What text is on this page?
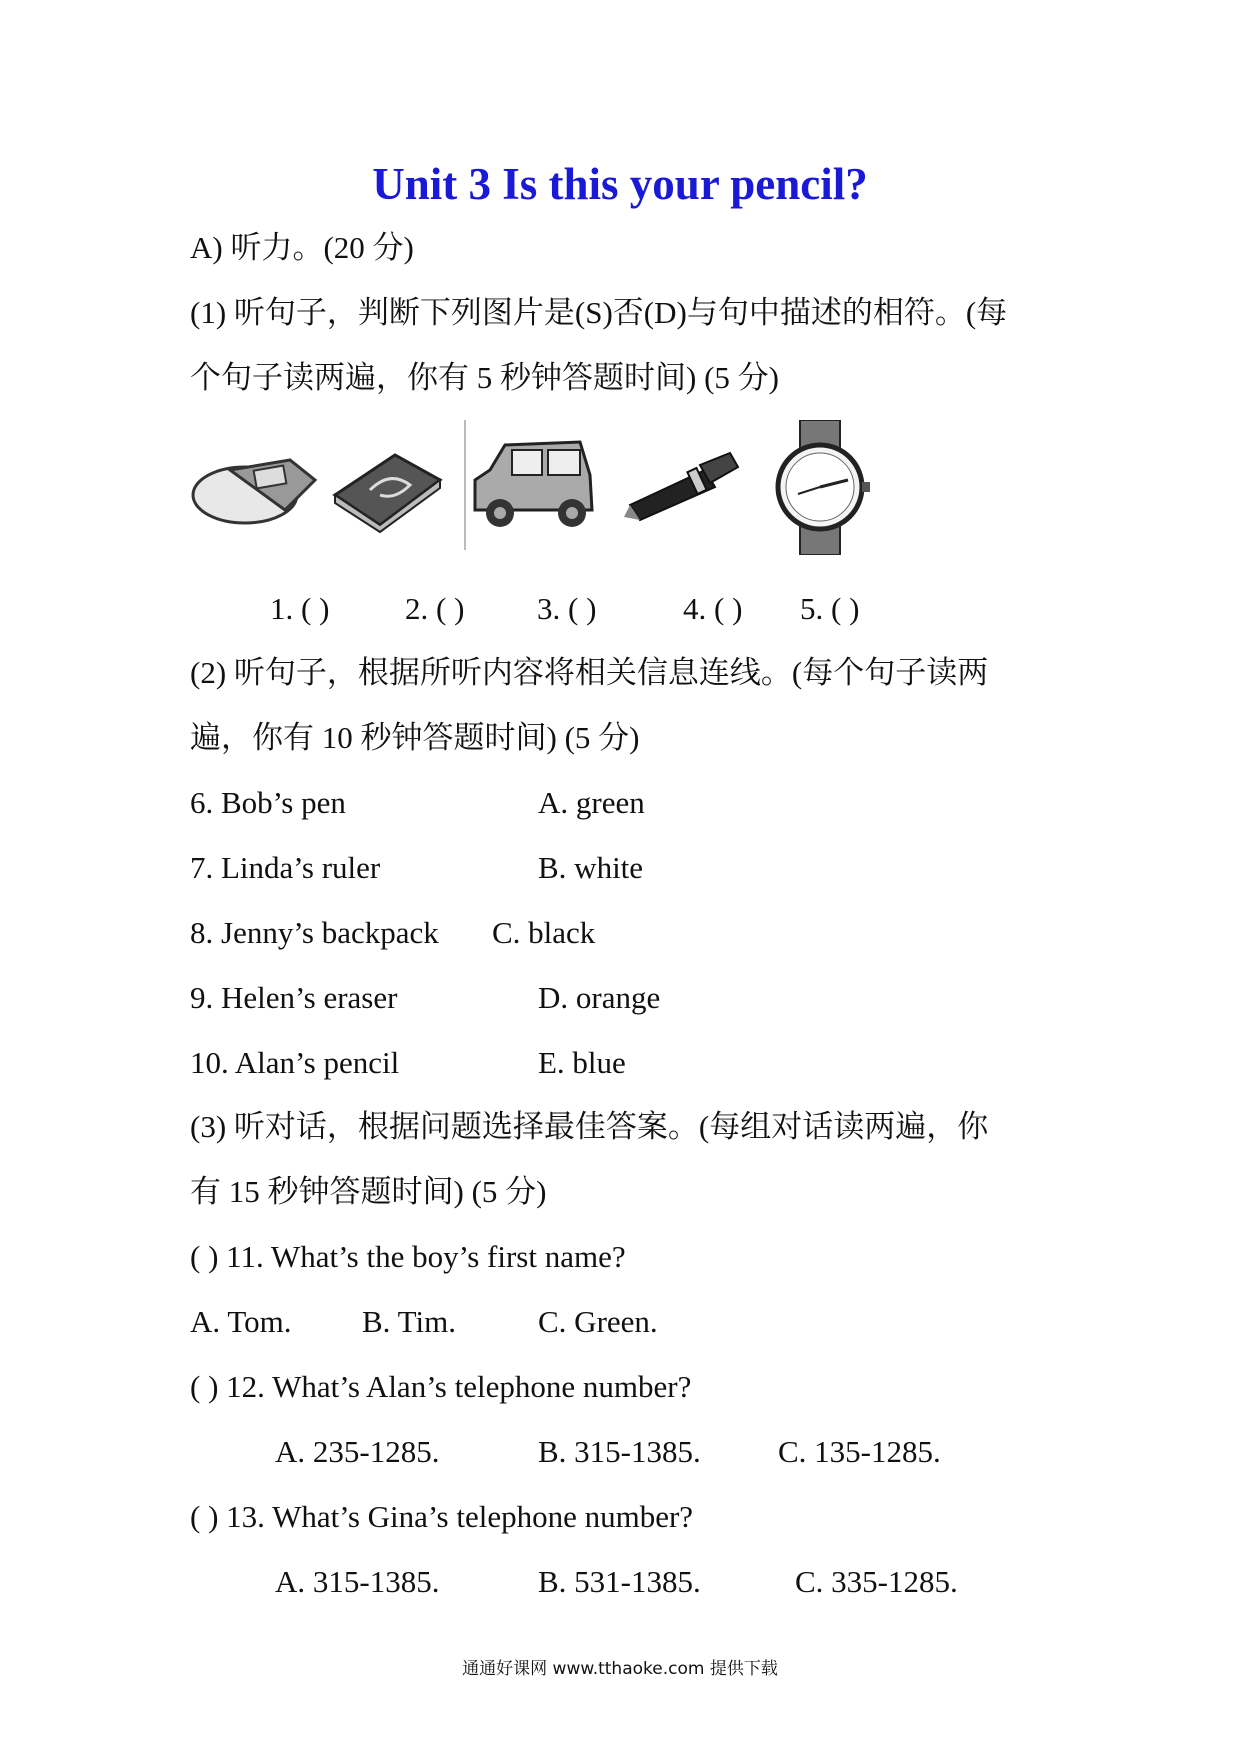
Unit 3 Is this your pencil?
A) 听力。(20 分)
(1) 听句子，判断下列图片是(S)否(D)与句中描述的相符。(每
个句子读两遍，你有 5 秒钟答题时间) (5 分)
1. ( ) 2. ( ) 3. ( )	4. ( ) 5. ( )
(2) 听句子，根据所听内容将相关信息连线。(每个句子读两
遍，你有 10 秒钟答题时间) (5 分)
6. Bob’s pen	A. green
7. Linda’s ruler	B. white
8. Jenny’s backpack C. black
9. Helen’s eraser	D. orange
10. Alan’s pencil	E. blue
(3) 听对话，根据问题选择最佳答案。(每组对话读两遍，你
有 15 秒钟答题时间) (5 分)
( ) 11. What’s the boy’s first name?
A. Tom. B. Tim.	C. Green.
( ) 12. What’s Alan’s telephone number?
A. 235-1285.	B. 315-1385. C. 135-1285.
( ) 13. What’s Gina’s telephone number?
A. 315-1385.	B. 531-1385.	C. 335-1285.
通通好课网 www.tthaoke.com 提供下载
